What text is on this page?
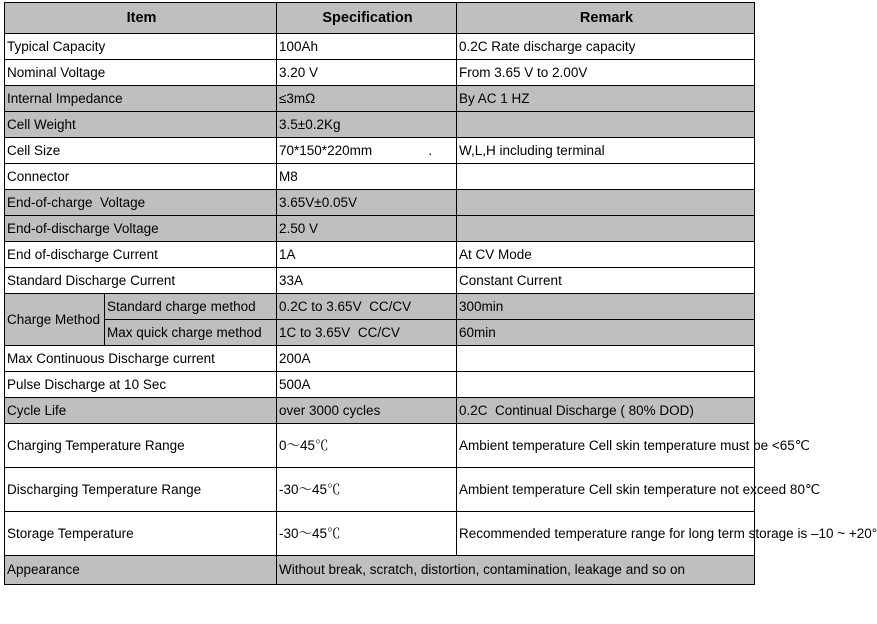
Item		Specification	Remark
Typical Capacity		100Ah	0.2C Rate discharge capacity
Nominal Voltage		3.20 V	From 3.65 V to 2.00V
Internal Impedance		≤3mΩ	By AC 1 HZ
Cell Weight		3.5±0.2Kg	
Cell Size		70*150*220mm               .	W,L,H including terminal
Connector		M8	
End-of-charge  Voltage		3.65V±0.05V	
End-of-discharge Voltage		2.50 V	
End of-discharge Current		1A	At CV Mode
Standard Discharge Current		33A	Constant Current
Charge Method	Standard charge method	0.2C to 3.65V  CC/CV	300min
	Max quick charge method	1C to 3.65V  CC/CV	60min
Max Continuous Discharge current		200A	
Pulse Discharge at 10 Sec		500A	
Cycle Life		over 3000 cycles	0.2C  Continual Discharge ( 80% DOD)
Charging Temperature Range		0～45℃	Ambient temperature Cell skin temperature must be <65℃
Discharging Temperature Range		-30～45℃	Ambient temperature Cell skin temperature not exceed 80℃
Storage Temperature		-30～45℃	Recommended temperature range for long term storage is –10 ~ +20°
Appearance		Without break, scratch, distortion, contamination, leakage and so on	
